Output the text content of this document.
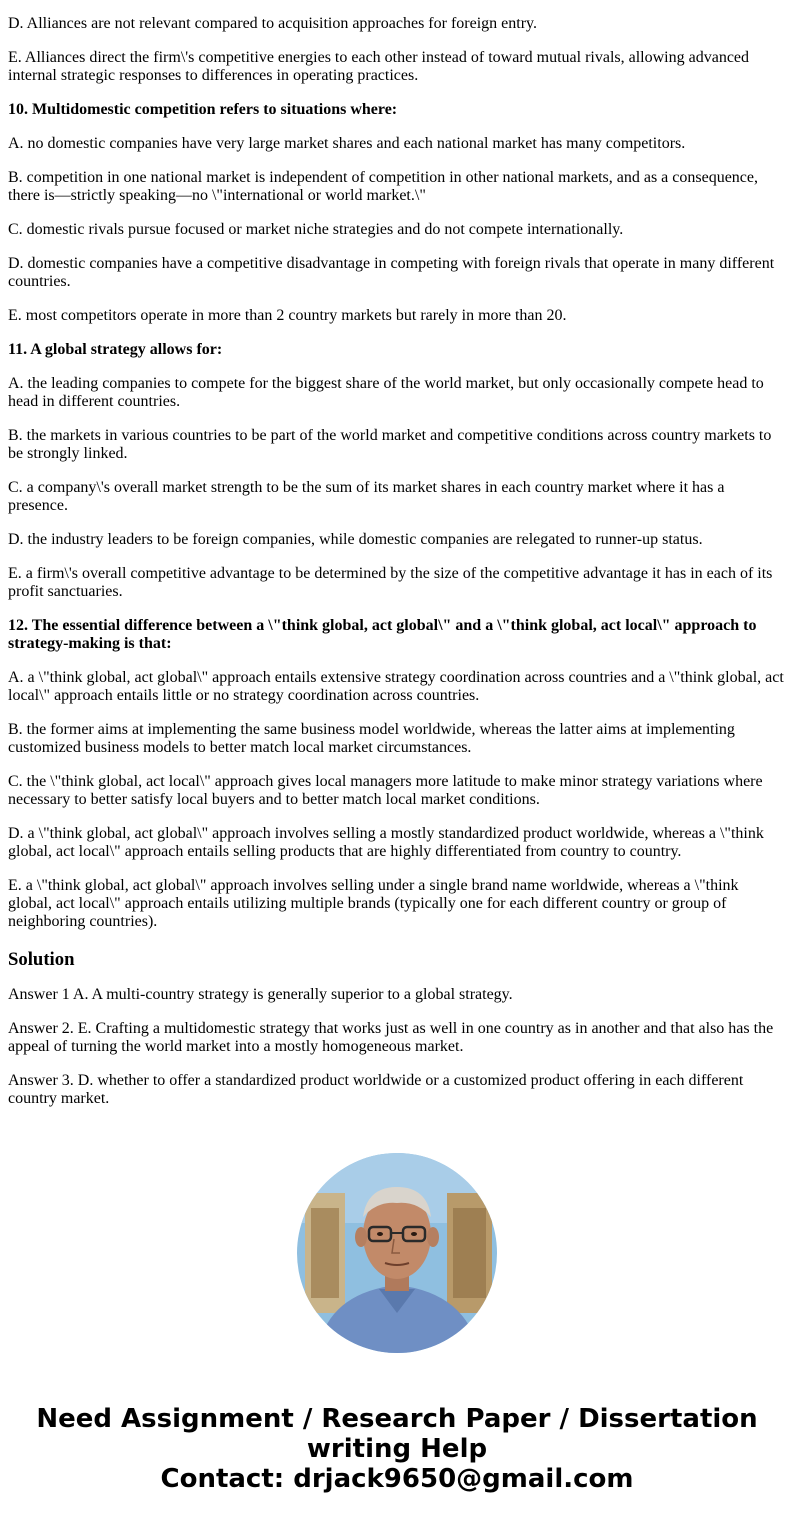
D. Alliances are not relevant compared to acquisition approaches for foreign entry.

E. Alliances direct the firm\'s competitive energies to each other instead of toward mutual rivals, allowing advanced internal strategic responses to differences in operating practices.

10. Multidomestic competition refers to situations where:

A. no domestic companies have very large market shares and each national market has many competitors.

B. competition in one national market is independent of competition in other national markets, and as a consequence, there is—strictly speaking—no \"international or world market.\"

C. domestic rivals pursue focused or market niche strategies and do not compete internationally.

D. domestic companies have a competitive disadvantage in competing with foreign rivals that operate in many different countries.

E. most competitors operate in more than 2 country markets but rarely in more than 20.

11. A global strategy allows for:

A. the leading companies to compete for the biggest share of the world market, but only occasionally compete head to head in different countries.

B. the markets in various countries to be part of the world market and competitive conditions across country markets to be strongly linked.

C. a company\'s overall market strength to be the sum of its market shares in each country market where it has a presence.

D. the industry leaders to be foreign companies, while domestic companies are relegated to runner-up status.

E. a firm\'s overall competitive advantage to be determined by the size of the competitive advantage it has in each of its profit sanctuaries.

12. The essential difference between a \"think global, act global\" and a \"think global, act local\" approach to strategy-making is that:

A. a \"think global, act global\" approach entails extensive strategy coordination across countries and a \"think global, act local\" approach entails little or no strategy coordination across countries.

B. the former aims at implementing the same business model worldwide, whereas the latter aims at implementing customized business models to better match local market circumstances.

C. the \"think global, act local\" approach gives local managers more latitude to make minor strategy variations where necessary to better satisfy local buyers and to better match local market conditions.

D. a \"think global, act global\" approach involves selling a mostly standardized product worldwide, whereas a \"think global, act local\" approach entails selling products that are highly differentiated from country to country.

E. a \"think global, act global\" approach involves selling under a single brand name worldwide, whereas a \"think global, act local\" approach entails utilizing multiple brands (typically one for each different country or group of neighboring countries).

Solution

Answer 1 A. A multi-country strategy is generally superior to a global strategy.

Answer 2. E. Crafting a multidomestic strategy that works just as well in one country as in another and that also has the appeal of turning the world market into a mostly homogeneous market.

Answer 3. D. whether to offer a standardized product worldwide or a customized product offering in each different country market.

Need Assignment / Research Paper / Dissertation
writing Help
Contact: drjack9650@gmail.com
